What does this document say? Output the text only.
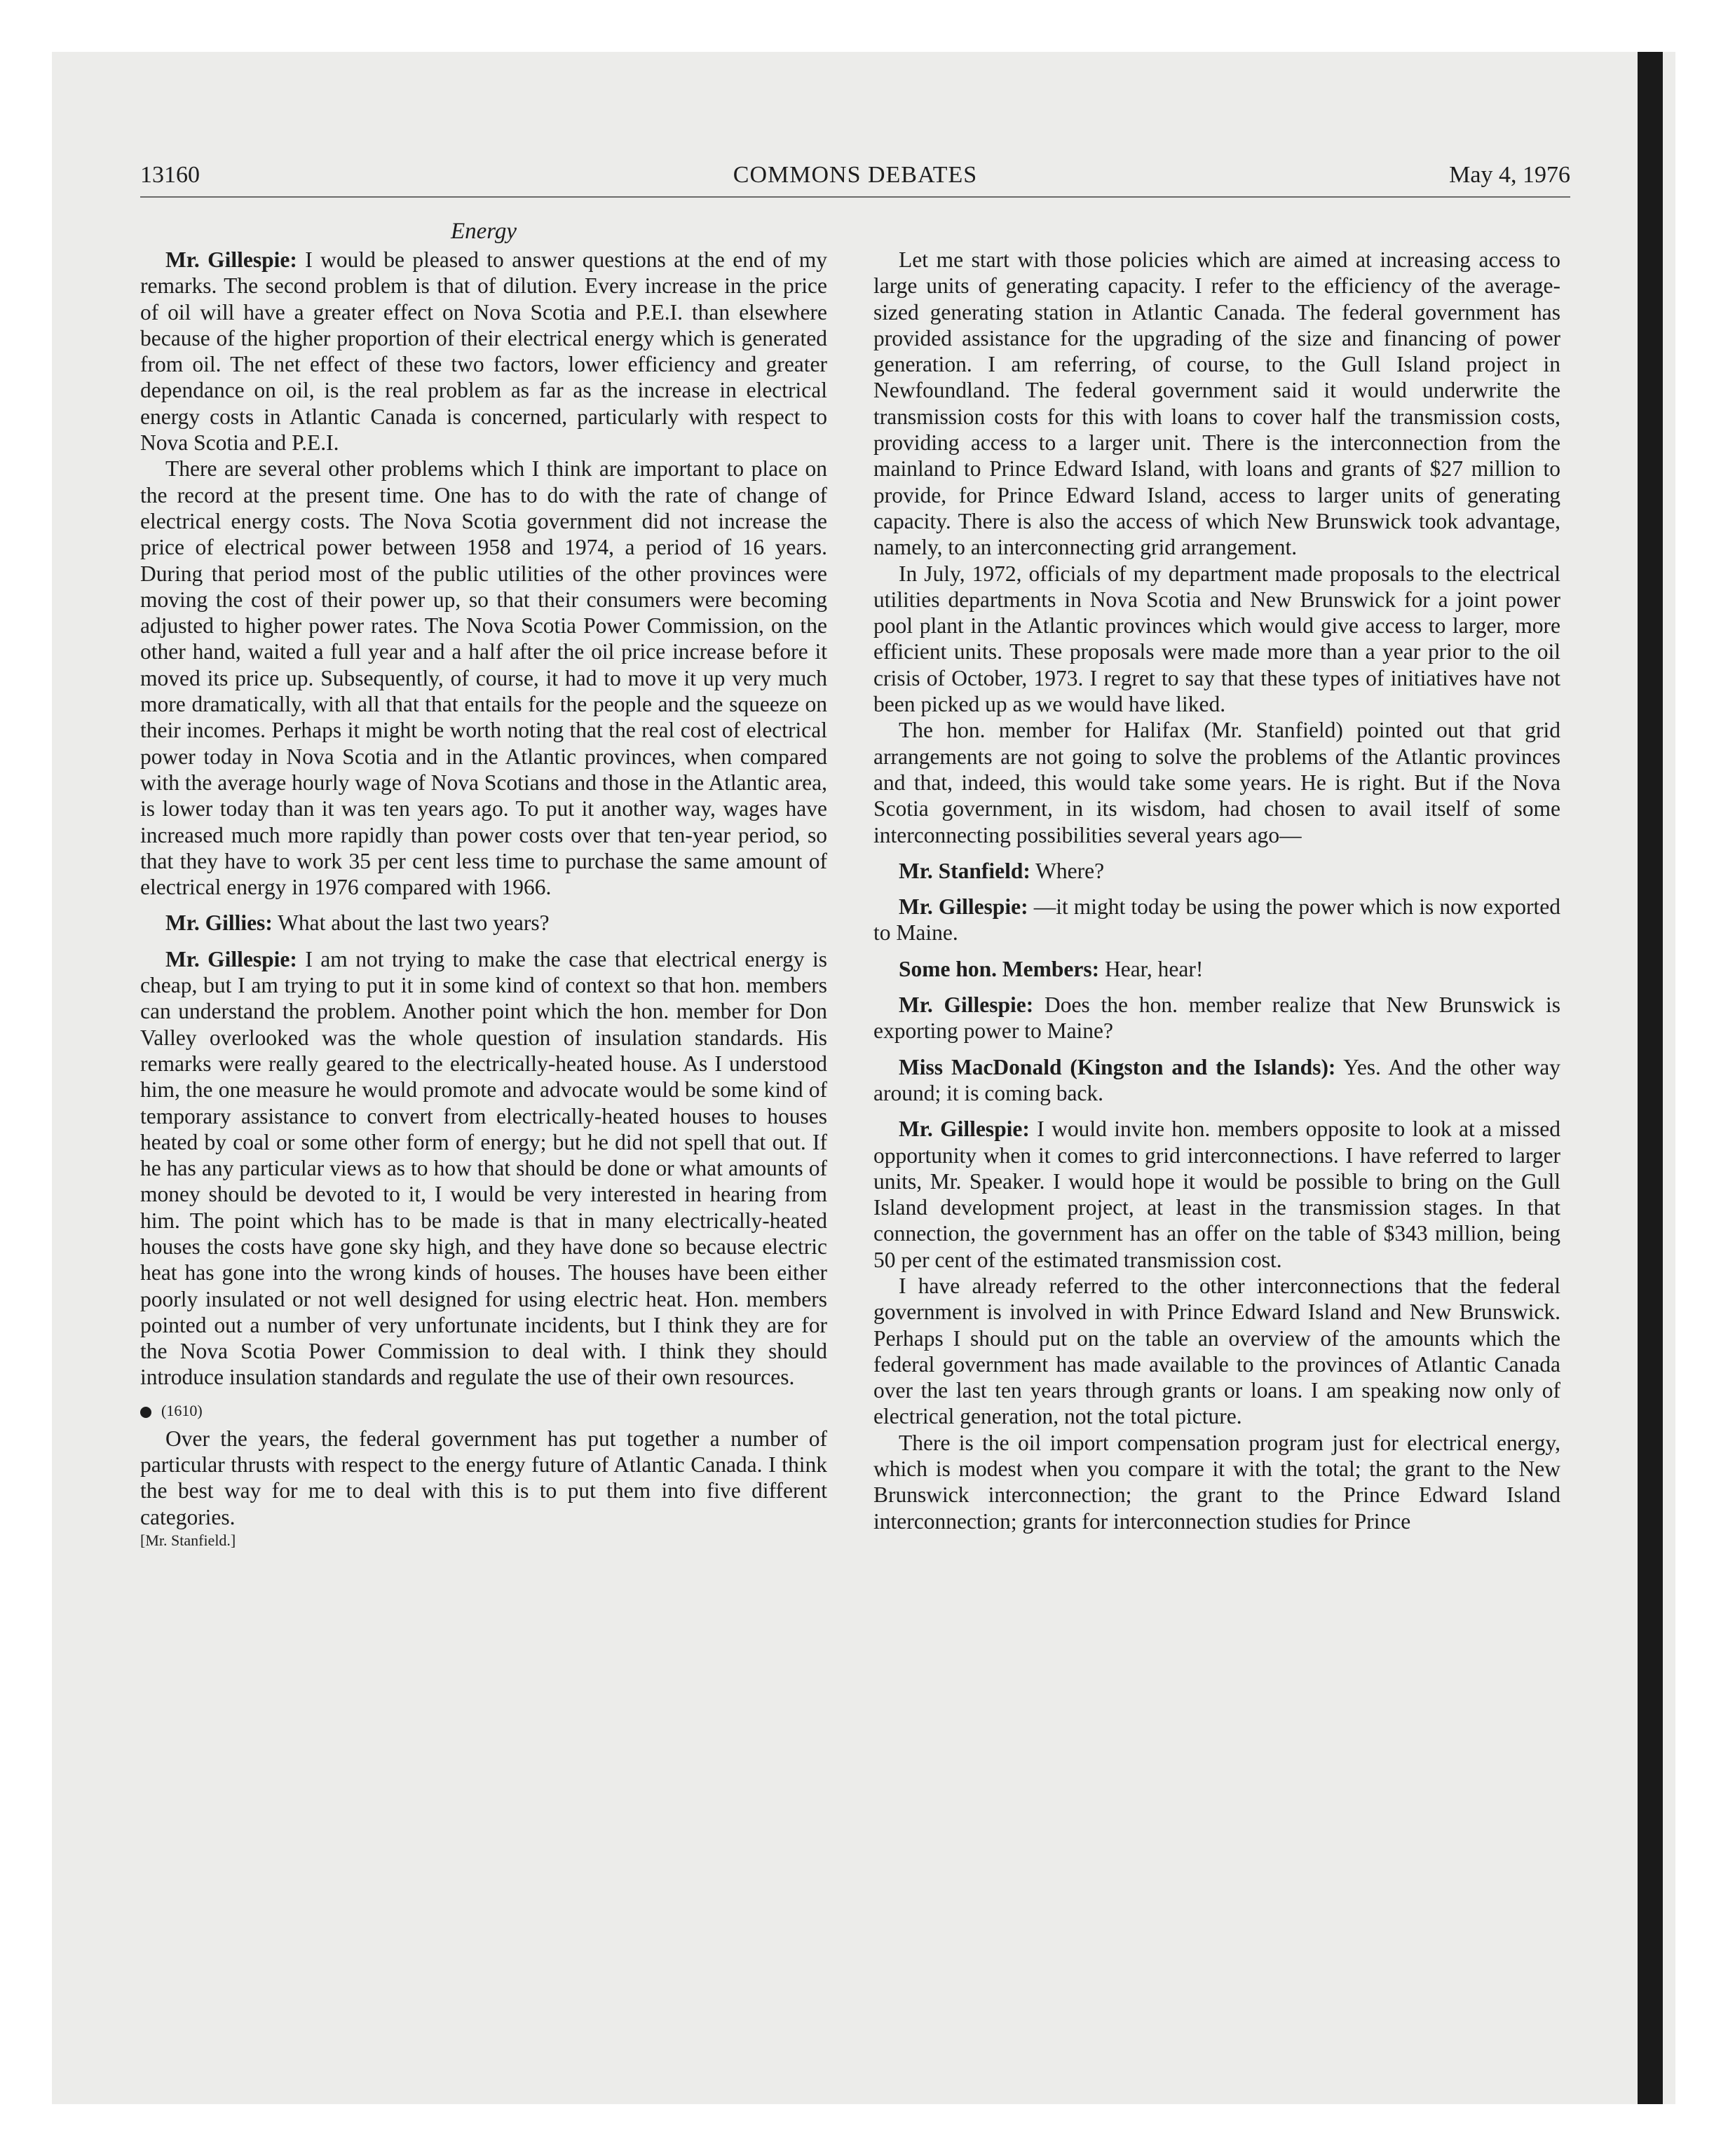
13160	COMMONS DEBATES	May 4, 1976
Energy

Mr. Gillespie: I would be pleased to answer questions at the end of my remarks. The second problem is that of dilution. Every increase in the price of oil will have a greater effect on Nova Scotia and P.E.I. than elsewhere because of the higher proportion of their electrical energy which is generated from oil. The net effect of these two factors, lower efficiency and greater dependance on oil, is the real problem as far as the increase in electrical energy costs in Atlantic Canada is concerned, particularly with respect to Nova Scotia and P.E.I.

There are several other problems which I think are important to place on the record at the present time. One has to do with the rate of change of electrical energy costs. The Nova Scotia government did not increase the price of electrical power between 1958 and 1974, a period of 16 years. During that period most of the public utilities of the other provinces were moving the cost of their power up, so that their consumers were becoming adjusted to higher power rates. The Nova Scotia Power Commission, on the other hand, waited a full year and a half after the oil price increase before it moved its price up. Subsequently, of course, it had to move it up very much more dramatically, with all that that entails for the people and the squeeze on their incomes. Perhaps it might be worth noting that the real cost of electrical power today in Nova Scotia and in the Atlantic provinces, when compared with the average hourly wage of Nova Scotians and those in the Atlantic area, is lower today than it was ten years ago. To put it another way, wages have increased much more rapidly than power costs over that ten-year period, so that they have to work 35 per cent less time to purchase the same amount of electrical energy in 1976 compared with 1966.

Mr. Gillies: What about the last two years?

Mr. Gillespie: I am not trying to make the case that electrical energy is cheap, but I am trying to put it in some kind of context so that hon. members can understand the problem. Another point which the hon. member for Don Valley overlooked was the whole question of insulation standards. His remarks were really geared to the electrically-heated house. As I understood him, the one measure he would promote and advocate would be some kind of temporary assistance to convert from electrically-heated houses to houses heated by coal or some other form of energy; but he did not spell that out. If he has any particular views as to how that should be done or what amounts of money should be devoted to it, I would be very interested in hearing from him. The point which has to be made is that in many electrically-heated houses the costs have gone sky high, and they have done so because electric heat has gone into the wrong kinds of houses. The houses have been either poorly insulated or not well designed for using electric heat. Hon. members pointed out a number of very unfortunate incidents, but I think they are for the Nova Scotia Power Commission to deal with. I think they should introduce insulation standards and regulate the use of their own resources.

(1610)

Over the years, the federal government has put together a number of particular thrusts with respect to the energy future of Atlantic Canada. I think the best way for me to deal with this is to put them into five different categories.

[Mr. Stanfield.]

Let me start with those policies which are aimed at increasing access to large units of generating capacity. I refer to the efficiency of the average-sized generating station in Atlantic Canada. The federal government has provided assistance for the upgrading of the size and financing of power generation. I am referring, of course, to the Gull Island project in Newfoundland. The federal government said it would underwrite the transmission costs for this with loans to cover half the transmission costs, providing access to a larger unit. There is the interconnection from the mainland to Prince Edward Island, with loans and grants of $27 million to provide, for Prince Edward Island, access to larger units of generating capacity. There is also the access of which New Brunswick took advantage, namely, to an interconnecting grid arrangement.

In July, 1972, officials of my department made proposals to the electrical utilities departments in Nova Scotia and New Brunswick for a joint power pool plant in the Atlantic provinces which would give access to larger, more efficient units. These proposals were made more than a year prior to the oil crisis of October, 1973. I regret to say that these types of initiatives have not been picked up as we would have liked.

The hon. member for Halifax (Mr. Stanfield) pointed out that grid arrangements are not going to solve the problems of the Atlantic provinces and that, indeed, this would take some years. He is right. But if the Nova Scotia government, in its wisdom, had chosen to avail itself of some interconnecting possibilities several years ago—

Mr. Stanfield: Where?

Mr. Gillespie: —it might today be using the power which is now exported to Maine.

Some hon. Members: Hear, hear!

Mr. Gillespie: Does the hon. member realize that New Brunswick is exporting power to Maine?

Miss MacDonald (Kingston and the Islands): Yes. And the other way around; it is coming back.

Mr. Gillespie: I would invite hon. members opposite to look at a missed opportunity when it comes to grid interconnections. I have referred to larger units, Mr. Speaker. I would hope it would be possible to bring on the Gull Island development project, at least in the transmission stages. In that connection, the government has an offer on the table of $343 million, being 50 per cent of the estimated transmission cost.

I have already referred to the other interconnections that the federal government is involved in with Prince Edward Island and New Brunswick. Perhaps I should put on the table an overview of the amounts which the federal government has made available to the provinces of Atlantic Canada over the last ten years through grants or loans. I am speaking now only of electrical generation, not the total picture.

There is the oil import compensation program just for electrical energy, which is modest when you compare it with the total; the grant to the New Brunswick interconnection; the grant to the Prince Edward Island interconnection; grants for interconnection studies for Prince
